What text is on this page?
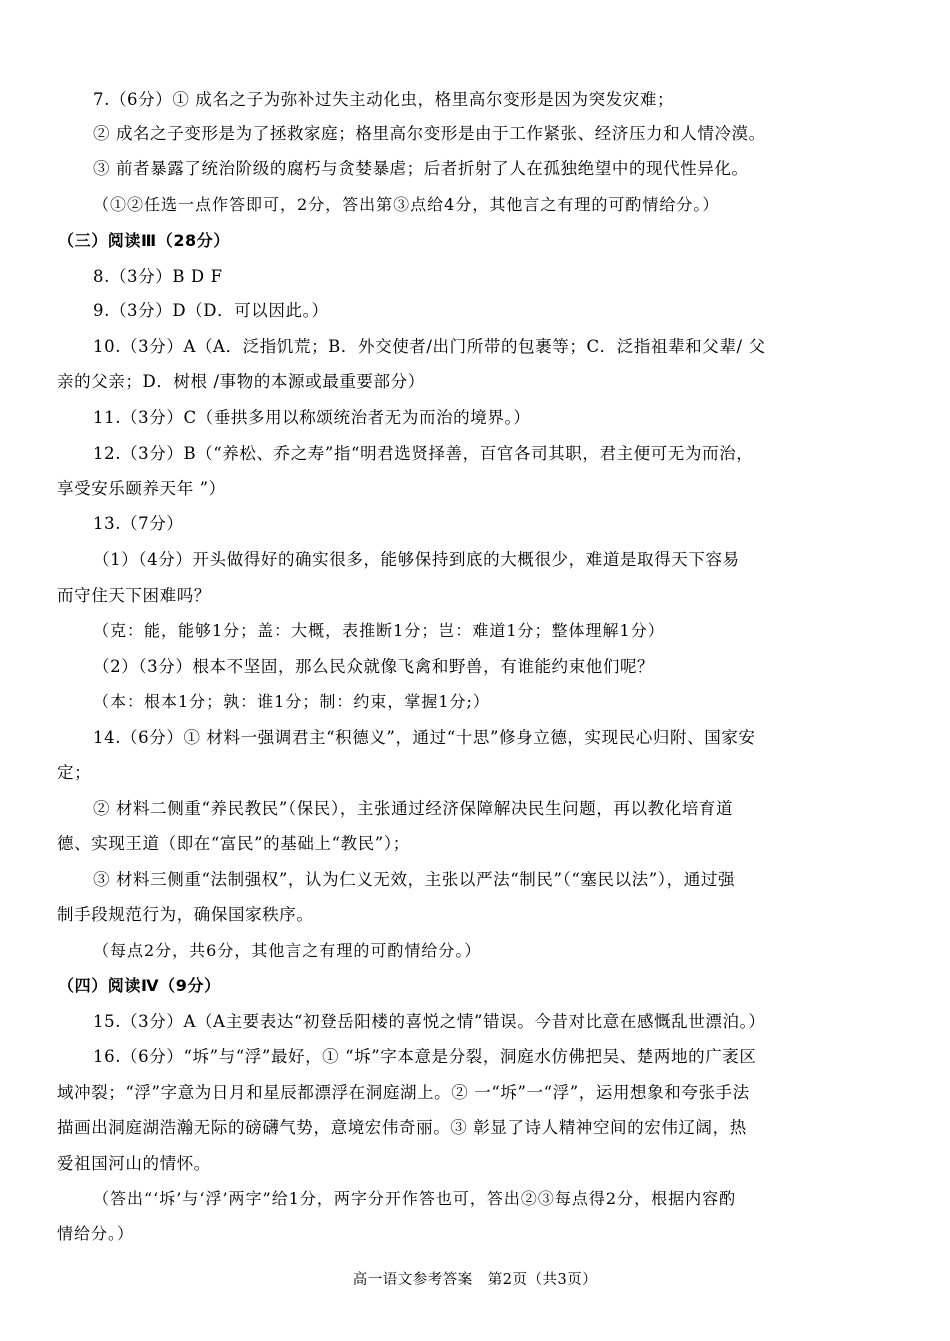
7.（6分）① 成名之子为弥补过失主动化虫，格里高尔变形是因为突发灾难；
② 成名之子变形是为了拯救家庭；格里高尔变形是由于工作紧张、经济压力和人情冷漠。
③ 前者暴露了统治阶级的腐朽与贪婪暴虐；后者折射了人在孤独绝望中的现代性异化。
（①②任选一点作答即可，2分，答出第③点给4分，其他言之有理的可酌情给分。）
（三）阅读Ⅲ（28分）
8.（3分）B D F
9.（3分）D（D．可以因此。）
10.（3分）A（A．泛指饥荒；B．外交使者/出门所带的包裹等；C．泛指祖辈和父辈/ 父
亲的父亲；D．树根 /事物的本源或最重要部分）
11.（3分）C（垂拱多用以称颂统治者无为而治的境界。）
12.（3分）B（“养松、乔之寿”指“明君选贤择善，百官各司其职，君主便可无为而治，
享受安乐颐养天年 ”）
13.（7分）
（1）（4分）开头做得好的确实很多，能够保持到底的大概很少，难道是取得天下容易
而守住天下困难吗？
（克：能，能够1分；盖：大概，表推断1分；岂：难道1分；整体理解1分）
（2）（3分）根本不坚固，那么民众就像飞禽和野兽，有谁能约束他们呢？
（本：根本1分；孰：谁1分；制：约束，掌握1分;）
14.（6分）① 材料一强调君主“积德义”，通过“十思”修身立德，实现民心归附、国家安
定；
② 材料二侧重“养民教民”（保民），主张通过经济保障解决民生问题，再以教化培育道
德、实现王道（即在“富民”的基础上“教民”）；
③ 材料三侧重“法制强权”，认为仁义无效，主张以严法“制民”（“塞民以法”），通过强
制手段规范行为，确保国家秩序。
（每点2分，共6分，其他言之有理的可酌情给分。）
（四）阅读Ⅳ（9分）
15.（3分）A（A主要表达“初登岳阳楼的喜悦之情”错误。今昔对比意在感慨乱世漂泊。）
16.（6分）“坼”与“浮”最好，① “坼”字本意是分裂，洞庭水仿佛把吴、楚两地的广袤区
域冲裂；“浮”字意为日月和星辰都漂浮在洞庭湖上。② 一“坼”一“浮”，运用想象和夸张手法
描画出洞庭湖浩瀚无际的磅礴气势，意境宏伟奇丽。③ 彰显了诗人精神空间的宏伟辽阔，热
爱祖国河山的情怀。
（答出“‘坼’与‘浮’两字”给1分，两字分开作答也可，答出②③每点得2分，根据内容酌
情给分。）
高一语文参考答案　第2页（共3页）
